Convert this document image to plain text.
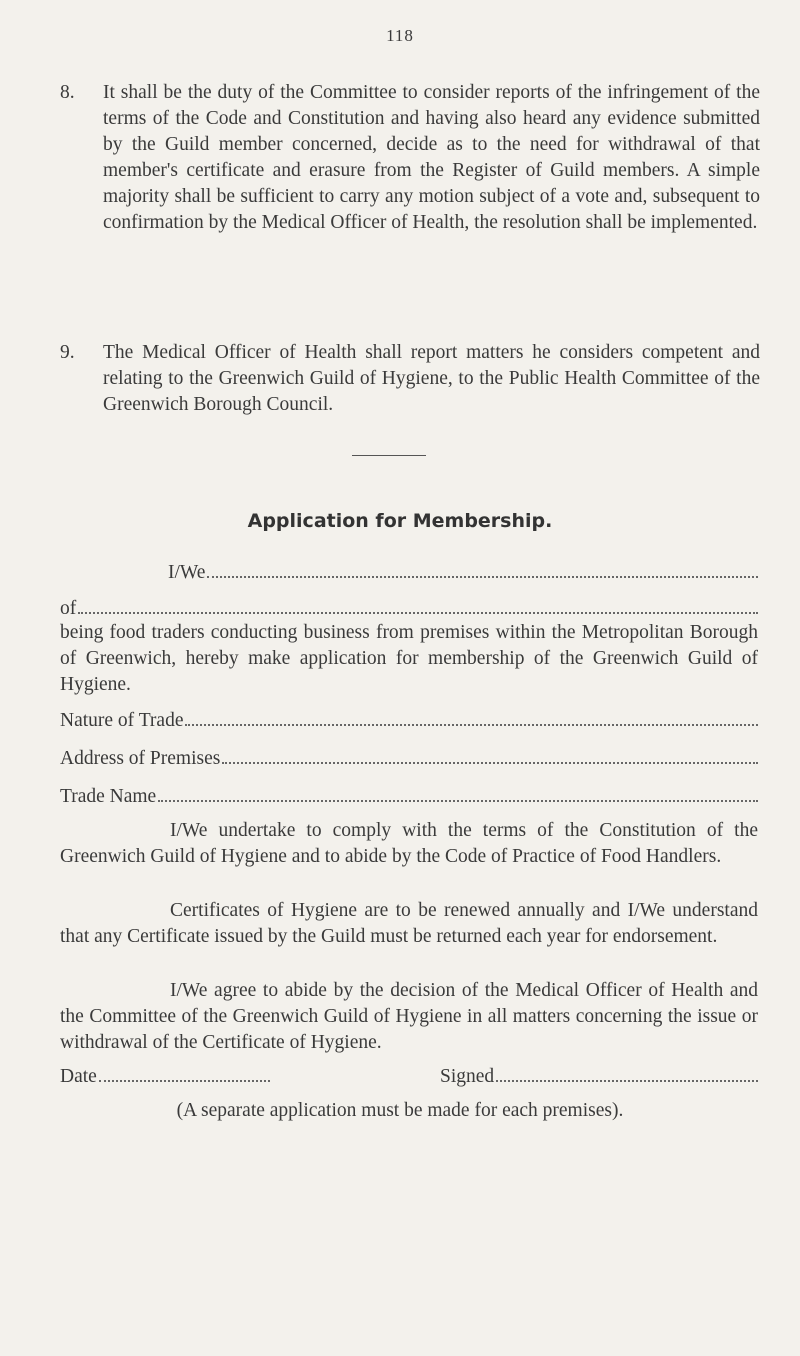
118
8.	It shall be the duty of the Committee to consider reports of the infringement of the terms of the Code and Constitution and having also heard any evidence submitted by the Guild member concerned, decide as to the need for withdrawal of that member's certificate and erasure from the Register of Guild members. A simple majority shall be sufficient to carry any motion subject of a vote and, subsequent to confirmation by the Medical Officer of Health, the resolution shall be implemented.
9.	The Medical Officer of Health shall report matters he considers competent and relating to the Greenwich Guild of Hygiene, to the Public Health Committee of the Greenwich Borough Council.
Application for Membership.
I/We
of
being food traders conducting business from premises within the Metropolitan Borough of Greenwich, hereby make application for membership of the Greenwich Guild of Hygiene.
Nature of Trade
Address of Premises
Trade Name
I/We undertake to comply with the terms of the Constitution of the Greenwich Guild of Hygiene and to abide by the Code of Practice of Food Handlers.
Certificates of Hygiene are to be renewed annually and I/We understand that any Certificate issued by the Guild must be returned each year for endorsement.
I/We agree to abide by the decision of the Medical Officer of Health and the Committee of the Greenwich Guild of Hygiene in all matters concerning the issue or withdrawal of the Certificate of Hygiene.
Date	Signed
(A separate application must be made for each premises).
